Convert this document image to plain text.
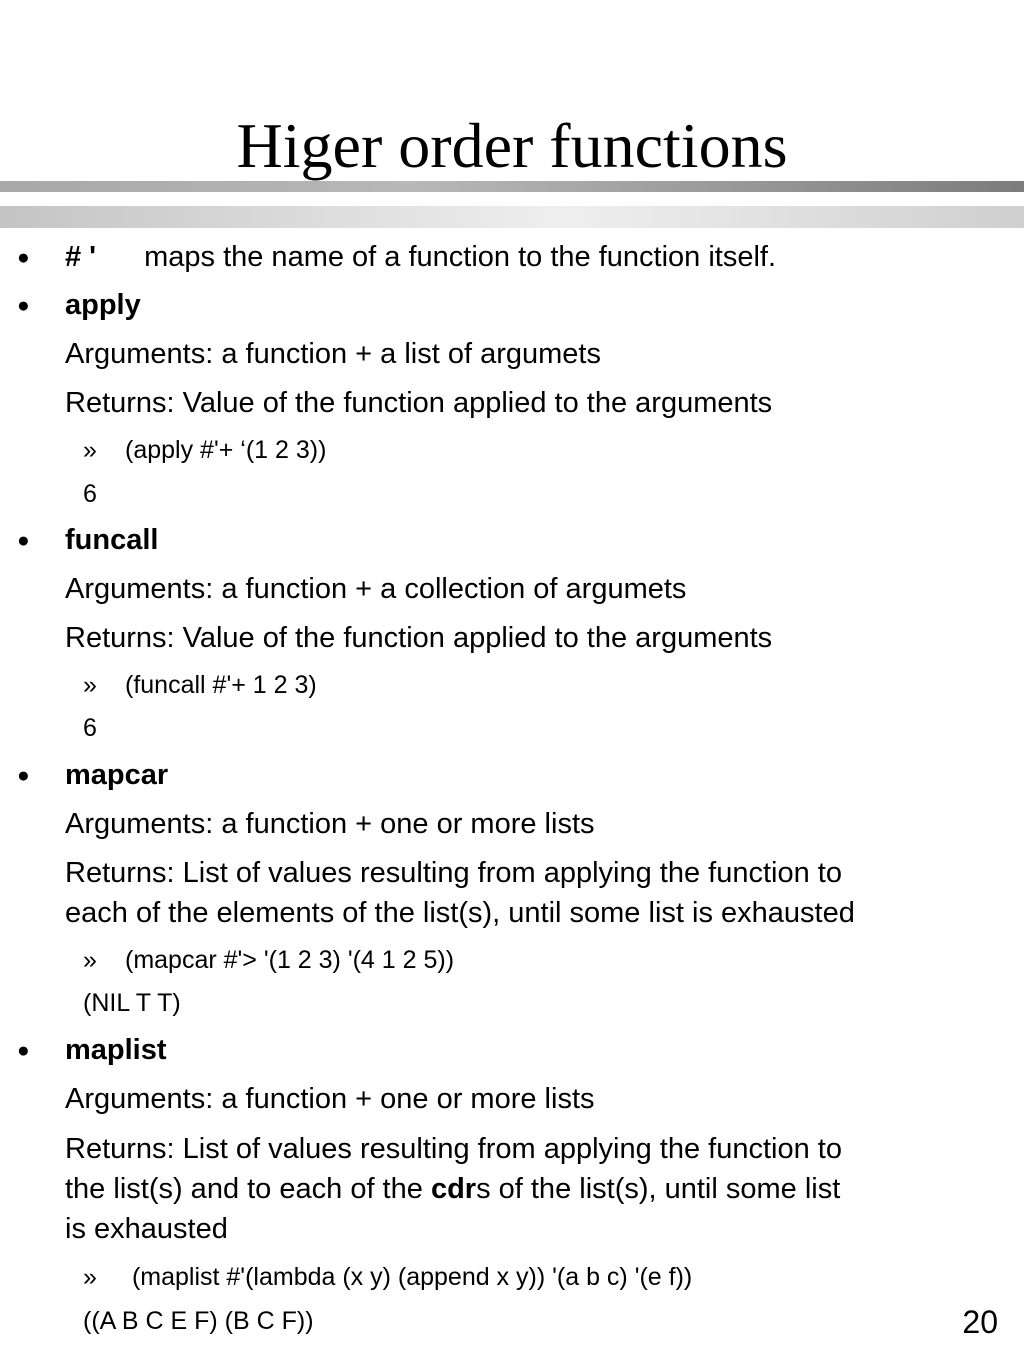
Higer order functions
● # ' maps the name of a function to the function itself.
● apply
Arguments: a function + a list of argumets
Returns: Value of the function applied to the arguments
» (apply #'+ ‘(1 2 3))
6
● funcall
Arguments: a function + a collection of argumets
Returns: Value of the function applied to the arguments
» (funcall #'+ 1 2 3)
6
● mapcar
Arguments: a function + one or more lists
Returns: List of values resulting from applying the function to
each of the elements of the list(s), until some list is exhausted
» (mapcar #'> '(1 2 3) '(4 1 2 5))
(NIL T T)
● maplist
Arguments: a function + one or more lists
Returns: List of values resulting from applying the function to
the list(s) and to each of the cdrs of the list(s), until some list
is exhausted
» (maplist #'(lambda (x y) (append x y)) '(a b c) '(e f))
((A B C E F) (B C F))	20
